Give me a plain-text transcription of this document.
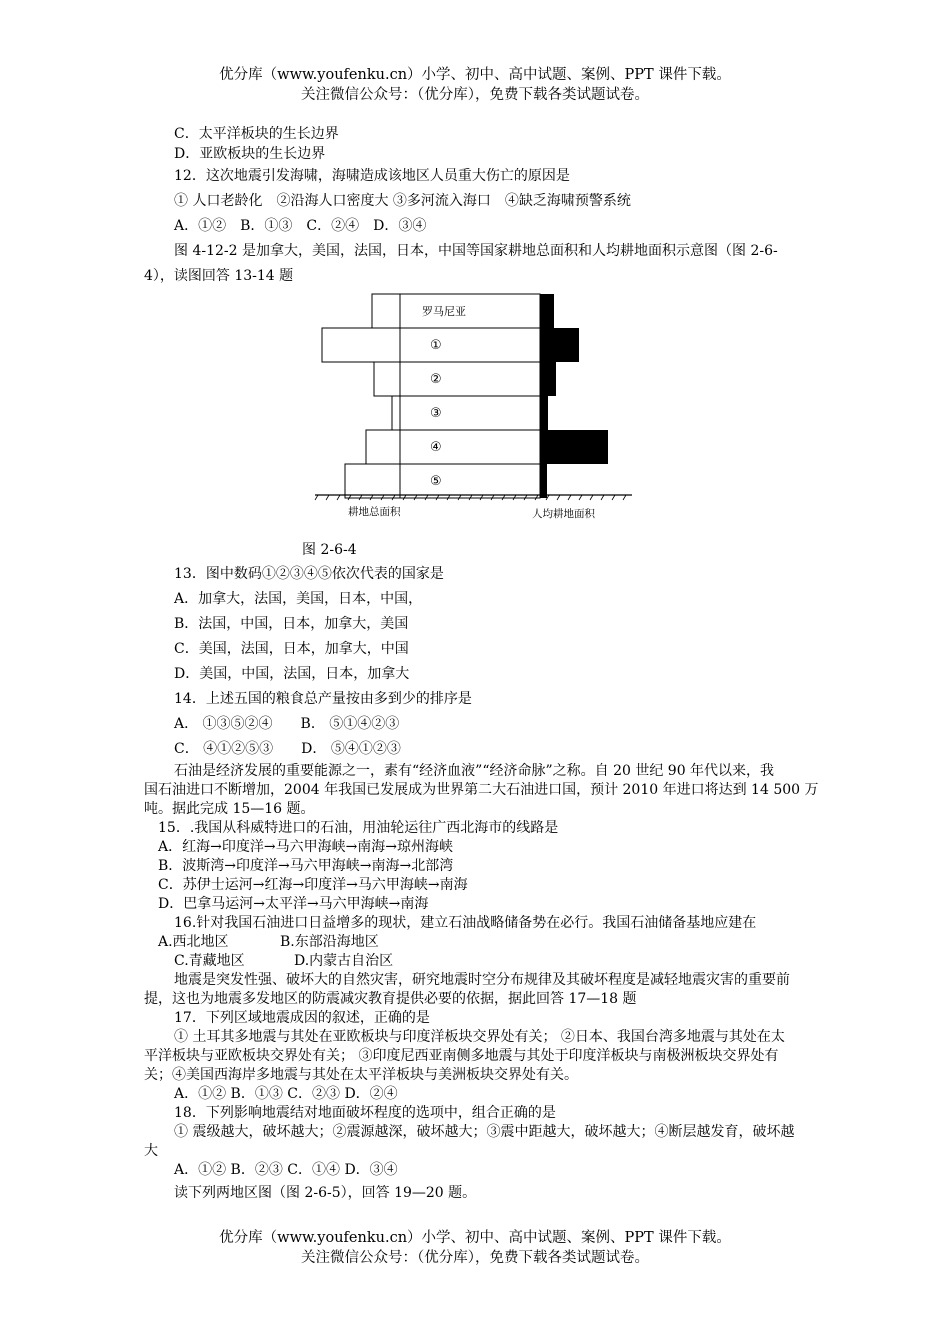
优分库（www.youfenku.cn）小学、初中、高中试题、案例、PPT 课件下载。
关注微信公众号：（优分库），免费下载各类试题试卷。
C．太平洋板块的生长边界
D．亚欧板块的生长边界
12．这次地震引发海啸，海啸造成该地区人员重大伤亡的原因是
① 人口老龄化　②沿海人口密度大 ③多河流入海口　④缺乏海啸预警系统
A．①②　B．①③　C．②④　D．③④
图 4-12-2 是加拿大，美国，法国，日本，中国等国家耕地总面积和人均耕地面积示意图（图 2-6-
4），读图回答 13-14 题
罗马尼亚
①
②
③
④
⑤
耕地总面积	人均耕地面积
图 2-6-4
13．图中数码①②③④⑤依次代表的国家是
A．加拿大，法国，美国，日本，中国，
B．法国，中国，日本，加拿大，美国
C．美国，法国，日本，加拿大，中国
D．美国，中国，法国，日本，加拿大
14．上述五国的粮食总产量按由多到少的排序是
A． ①③⑤②④　　B． ⑤①④②③
C． ④①②⑤③　　D． ⑤④①②③
石油是经济发展的重要能源之一，素有“经济血液”“经济命脉”之称。自 20 世纪 90 年代以来，我
国石油进口不断增加，2004 年我国已发展成为世界第二大石油进口国，预计 2010 年进口将达到 14 500 万
吨。据此完成 15—16 题。
15．.我国从科威特进口的石油，用油轮运往广西北海市的线路是
A．红海→印度洋→马六甲海峡→南海→琼州海峡
B．波斯湾→印度洋→马六甲海峡→南海→北部湾
C．苏伊士运河→红海→印度洋→马六甲海峡→南海
D．巴拿马运河→太平洋→马六甲海峡→南海
16.针对我国石油进口日益增多的现状，建立石油战略储备势在必行。我国石油储备基地应建在
A.西北地区	B.东部沿海地区
C.青藏地区	D.内蒙古自治区
地震是突发性强、破坏大的自然灾害，研究地震时空分布规律及其破坏程度是减轻地震灾害的重要前
提，这也为地震多发地区的防震减灾教育提供必要的依据，据此回答 17—18 题
17．下列区域地震成因的叙述，正确的是
① 土耳其多地震与其处在亚欧板块与印度洋板块交界处有关； ②日本、我国台湾多地震与其处在太
平洋板块与亚欧板块交界处有关； ③印度尼西亚南侧多地震与其处于印度洋板块与南极洲板块交界处有
关；④美国西海岸多地震与其处在太平洋板块与美洲板块交界处有关。
A．①② B．①③ C．②③ D．②④
18．下列影响地震结对地面破坏程度的选项中，组合正确的是
① 震级越大，破坏越大；②震源越深，破坏越大；③震中距越大，破坏越大；④断层越发育，破坏越
大
A．①② B．②③ C．①④ D．③④
读下列两地区图（图 2-6-5），回答 19—20 题。
优分库（www.youfenku.cn）小学、初中、高中试题、案例、PPT 课件下载。
关注微信公众号：（优分库），免费下载各类试题试卷。
